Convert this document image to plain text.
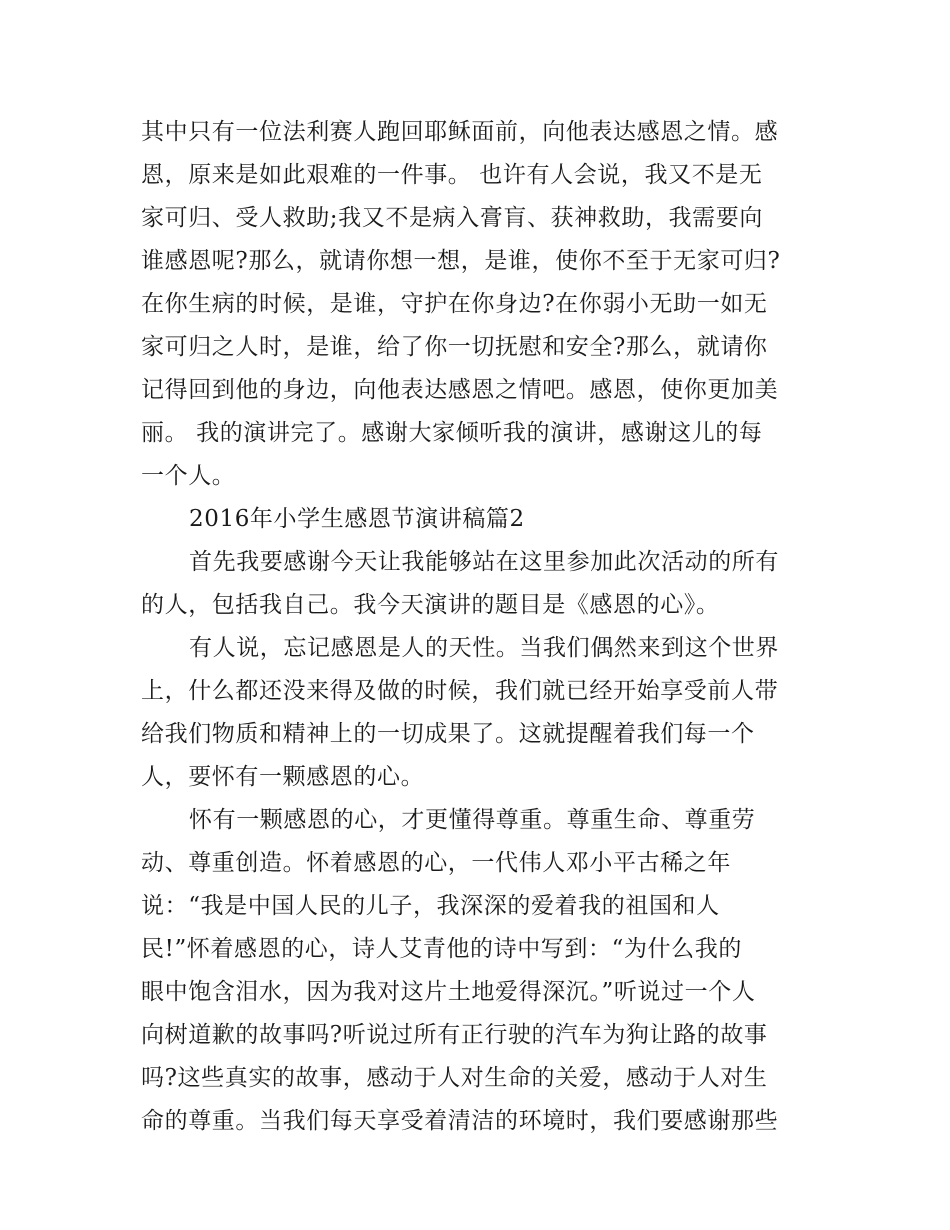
其中只有一位法利赛人跑回耶稣面前，向他表达感恩之情。感
恩，原来是如此艰难的一件事。 也许有人会说，我又不是无
家可归、受人救助;我又不是病入膏肓、获神救助，我需要向
谁感恩呢?那么，就请你想一想，是谁，使你不至于无家可归?
在你生病的时候，是谁，守护在你身边?在你弱小无助一如无
家可归之人时，是谁，给了你一切抚慰和安全?那么，就请你
记得回到他的身边，向他表达感恩之情吧。感恩，使你更加美
丽。 我的演讲完了。感谢大家倾听我的演讲，感谢这儿的每
一个人。
2016年小学生感恩节演讲稿篇2
首先我要感谢今天让我能够站在这里参加此次活动的所有
的人，包括我自己。我今天演讲的题目是《感恩的心》。
有人说，忘记感恩是人的天性。当我们偶然来到这个世界
上，什么都还没来得及做的时候，我们就已经开始享受前人带
给我们物质和精神上的一切成果了。这就提醒着我们每一个
人，要怀有一颗感恩的心。
怀有一颗感恩的心，才更懂得尊重。尊重生命、尊重劳
动、尊重创造。怀着感恩的心，一代伟人邓小平古稀之年
说：“我是中国人民的儿子，我深深的爱着我的祖国和人
民!”怀着感恩的心，诗人艾青他的诗中写到：“为什么我的
眼中饱含泪水，因为我对这片土地爱得深沉。”听说过一个人
向树道歉的故事吗?听说过所有正行驶的汽车为狗让路的故事
吗?这些真实的故事，感动于人对生命的关爱，感动于人对生
命的尊重。当我们每天享受着清洁的环境时，我们要感谢那些
